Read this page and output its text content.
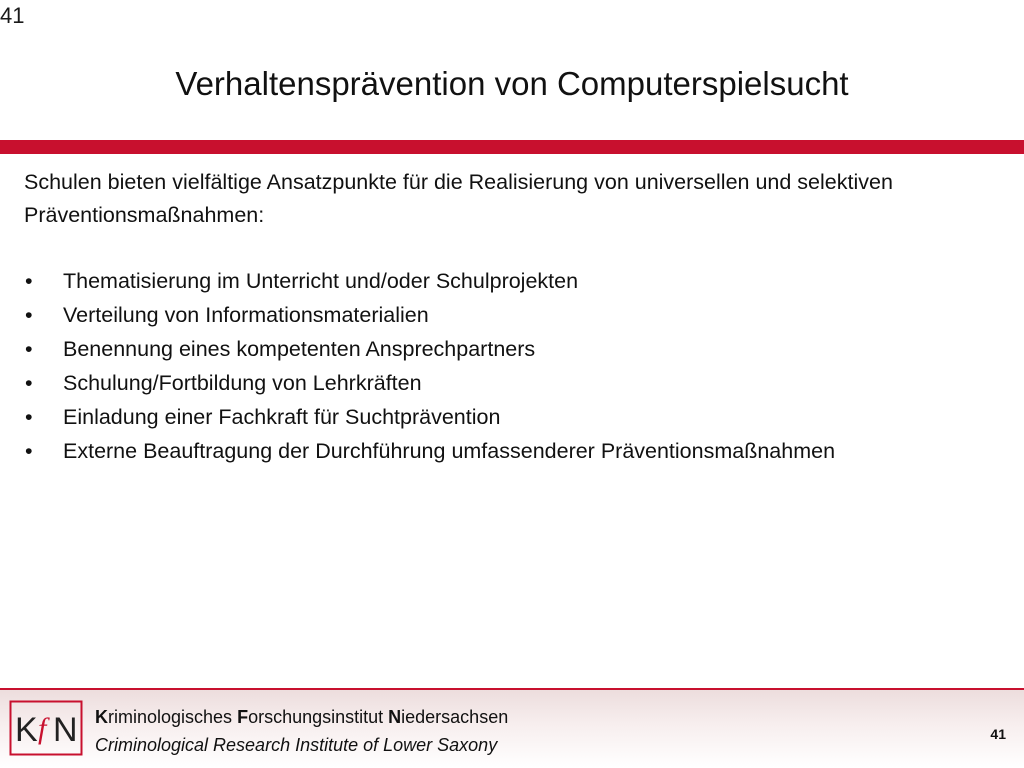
41
Verhaltensprävention von Computerspielsucht

Schulen bieten vielfältige Ansatzpunkte für die Realisierung von universellen und selektiven Präventionsmaßnahmen:

•	Thematisierung im Unterricht und/oder Schulprojekten
•	Verteilung von Informationsmaterialien
•	Benennung eines kompetenten Ansprechpartners
•	Schulung/Fortbildung von Lehrkräften
•	Einladung einer Fachkraft für Suchtprävention
•	Externe Beauftragung der Durchführung umfassenderer Präventionsmaßnahmen
K f N Kriminologisches Forschungsinstitut Niedersachsen
Criminological Research Institute of Lower Saxony
41
